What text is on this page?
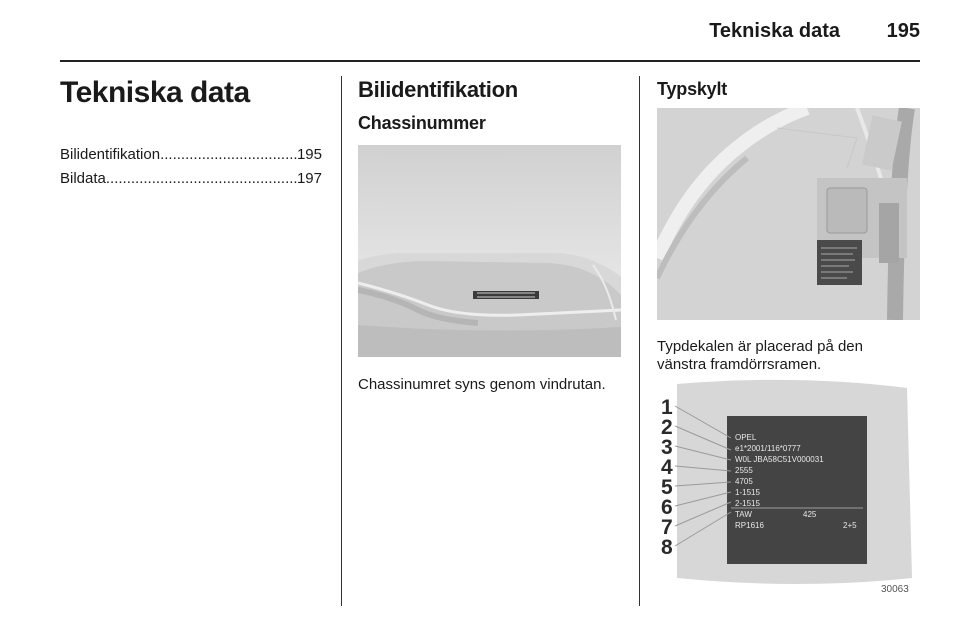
Tekniska data 195
Tekniska data
Bilidentifikation .....	195
Bildata .....	197
Bilidentifikation
Chassinummer
Chassinumret syns genom vindrutan.
Typskylt
Typdekalen är placerad på den
vänstra framdörrsramen.
1
2
3
4
5
6
7
8
OPEL
e1*2001/116*0777
W0L JBA58C51V000031
2555
4705
1-1515
2-1515
TAW
RP1616
425
2+5
30063
